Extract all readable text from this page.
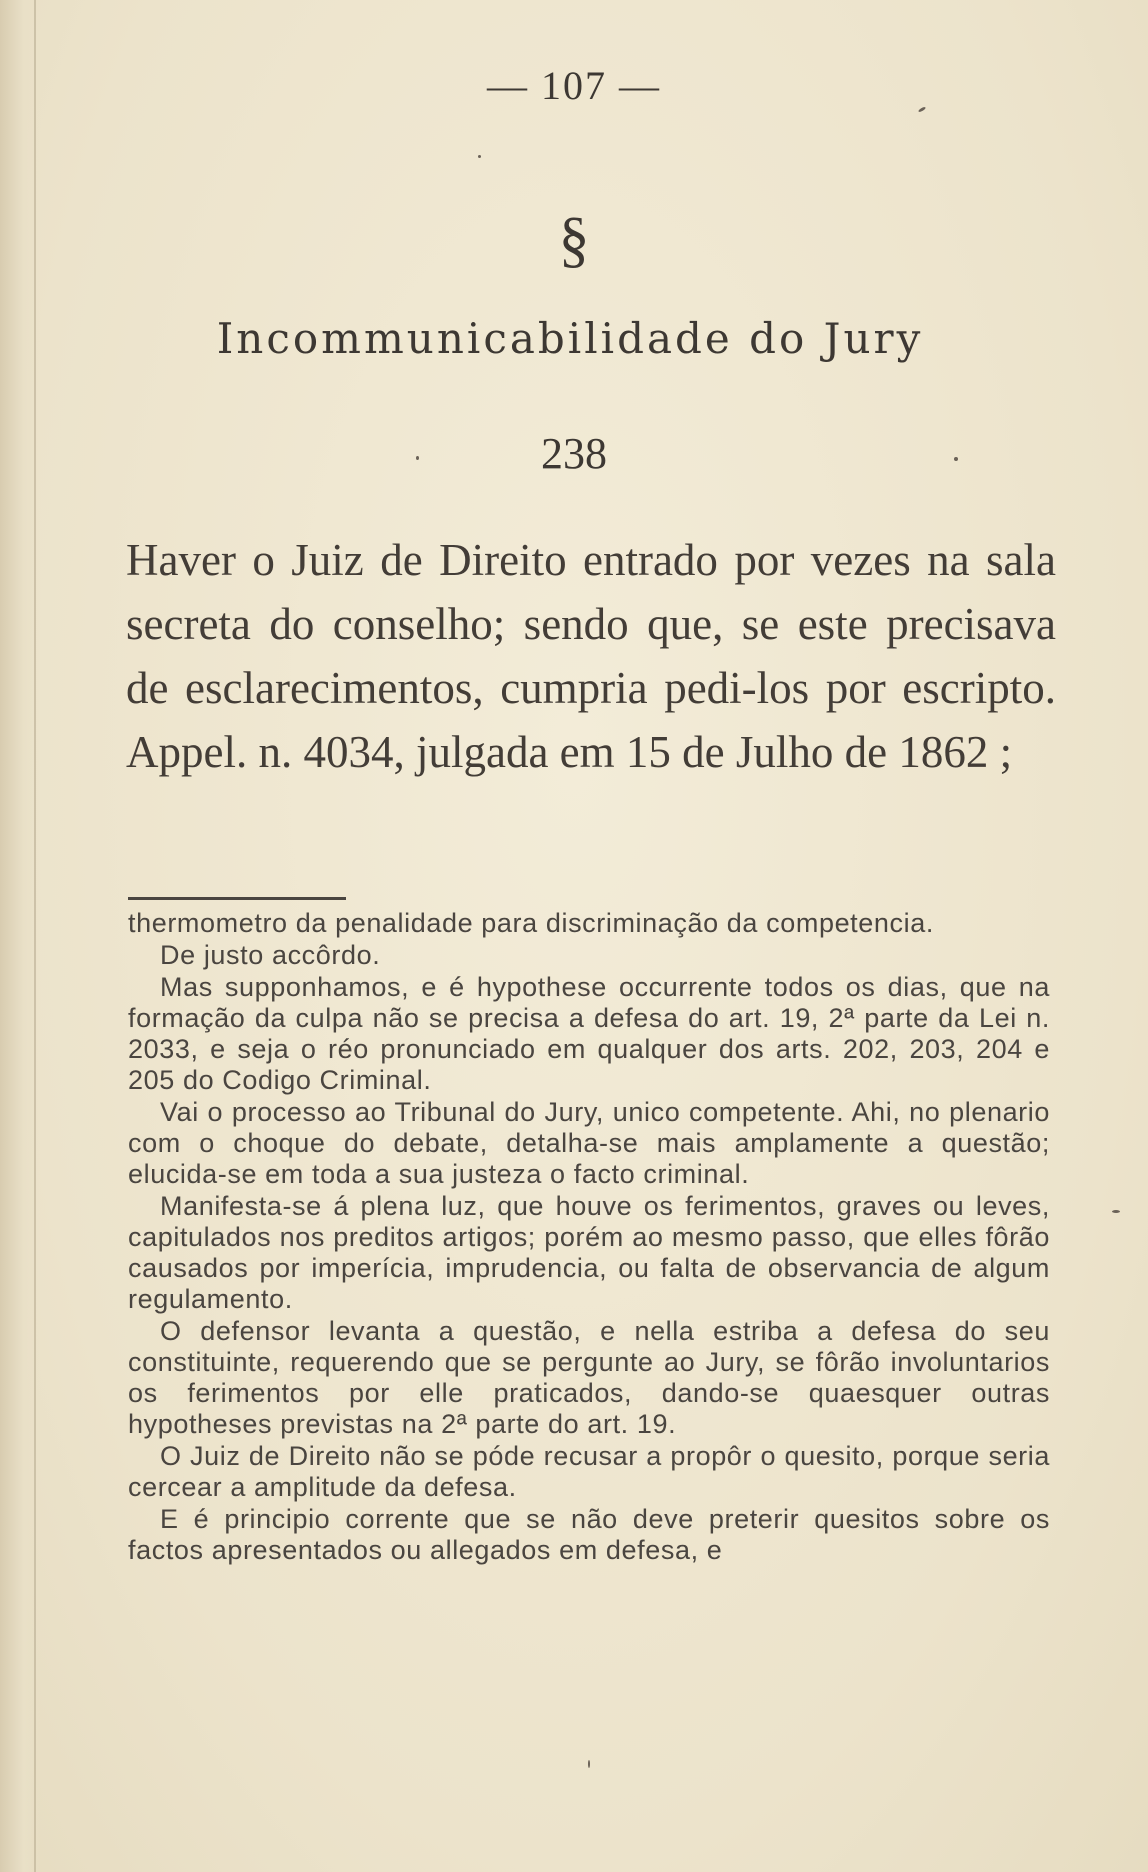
— 107 —
§
Incommunicabilidade do Jury
238
Haver o Juiz de Direito entrado por vezes na sala secreta do conselho; sendo que, se este precisava de esclarecimentos, cumpria pedi-los por escripto. Appel. n. 4034, julgada em 15 de Julho de 1862 ;

thermometro da penalidade para discriminação da competencia.

De justo accôrdo.

Mas supponhamos, e é hypothese occurrente todos os dias, que na formação da culpa não se precisa a defesa do art. 19, 2ª parte da Lei n. 2033, e seja o réo pronunciado em qualquer dos arts. 202, 203, 204 e 205 do Codigo Criminal.

Vai o processo ao Tribunal do Jury, unico competente. Ahi, no plenario com o choque do debate, detalha-se mais amplamente a questão; elucida-se em toda a sua justeza o facto criminal.

Manifesta-se á plena luz, que houve os ferimentos, graves ou leves, capitulados nos preditos artigos; porém ao mesmo passo, que elles fôrão causados por imperícia, imprudencia, ou falta de observancia de algum regulamento.

O defensor levanta a questão, e nella estriba a defesa do seu constituinte, requerendo que se pergunte ao Jury, se fôrão involuntarios os ferimentos por elle praticados, dando-se quaesquer outras hypotheses previstas na 2ª parte do art. 19.

O Juiz de Direito não se póde recusar a propôr o quesito, porque seria cercear a amplitude da defesa.

E é principio corrente que se não deve preterir quesitos sobre os factos apresentados ou allegados em defesa, e
